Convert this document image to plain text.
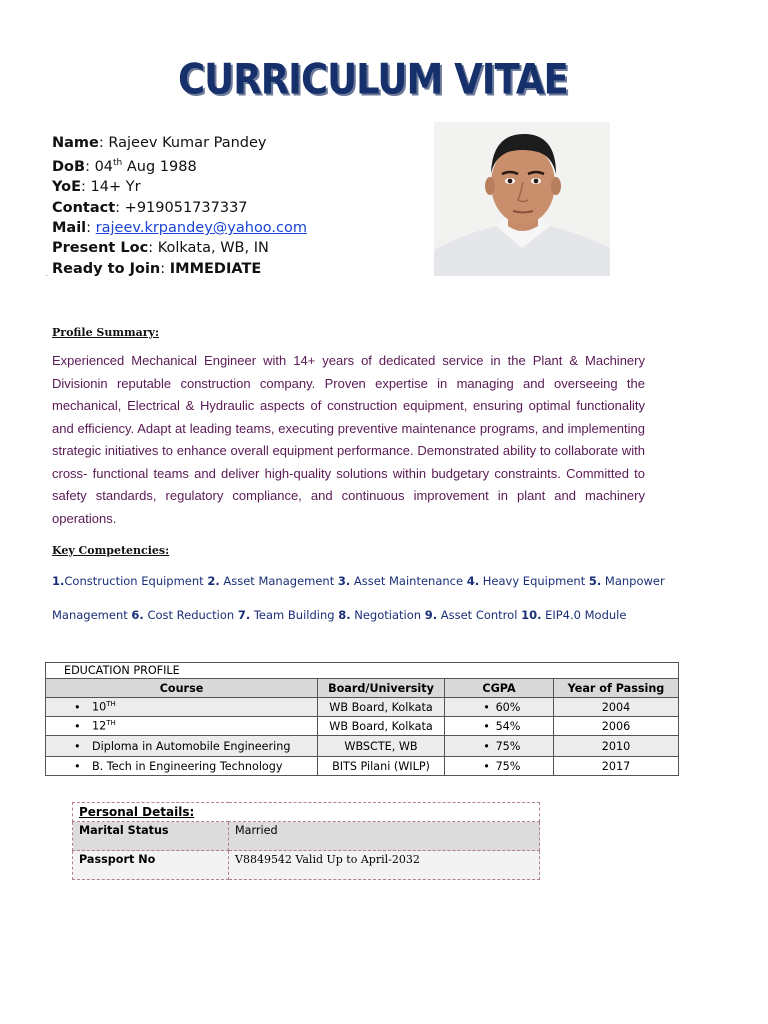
CURRICULUM VITAE
Name: Rajeev Kumar Pandey
DoB: 04th Aug 1988
YoE: 14+ Yr
Contact: +919051737337
Mail: rajeev.krpandey@yahoo.com
Present Loc: Kolkata, WB, IN
Ready to Join: IMMEDIATE
ˆ
Profile Summary:
Experienced Mechanical Engineer with 14+ years of dedicated service in the Plant & Machinery Divisionin reputable construction company. Proven expertise in managing and overseeing the mechanical, Electrical & Hydraulic aspects of construction equipment, ensuring optimal functionality and efficiency. Adapt at leading teams, executing preventive maintenance programs, and implementing strategic initiatives to enhance overall equipment performance. Demonstrated ability to collaborate with cross- functional teams and deliver high-quality solutions within budgetary constraints. Committed to safety standards, regulatory compliance, and continuous improvement in plant and machinery operations.
Key Competencies:
1.Construction Equipment 2. Asset Management 3. Asset Maintenance 4. Heavy Equipment 5. Manpower
Management 6. Cost Reduction 7. Team Building 8. Negotiation 9. Asset Control 10. EIP4.0 Module
EDUCATION PROFILE			
Course	Board/University	CGPA	Year of Passing
• 10TH	WB Board, Kolkata	• 60%	2004
• 12TH	WB Board, Kolkata	• 54%	2006
• Diploma in Automobile Engineering	WBSCTE, WB	• 75%	2010
• B. Tech in Engineering Technology	BITS Pilani (WILP)	• 75%	2017
Personal Details:	
Marital Status	Married
Passport No	V8849542 Valid Up to April-2032
